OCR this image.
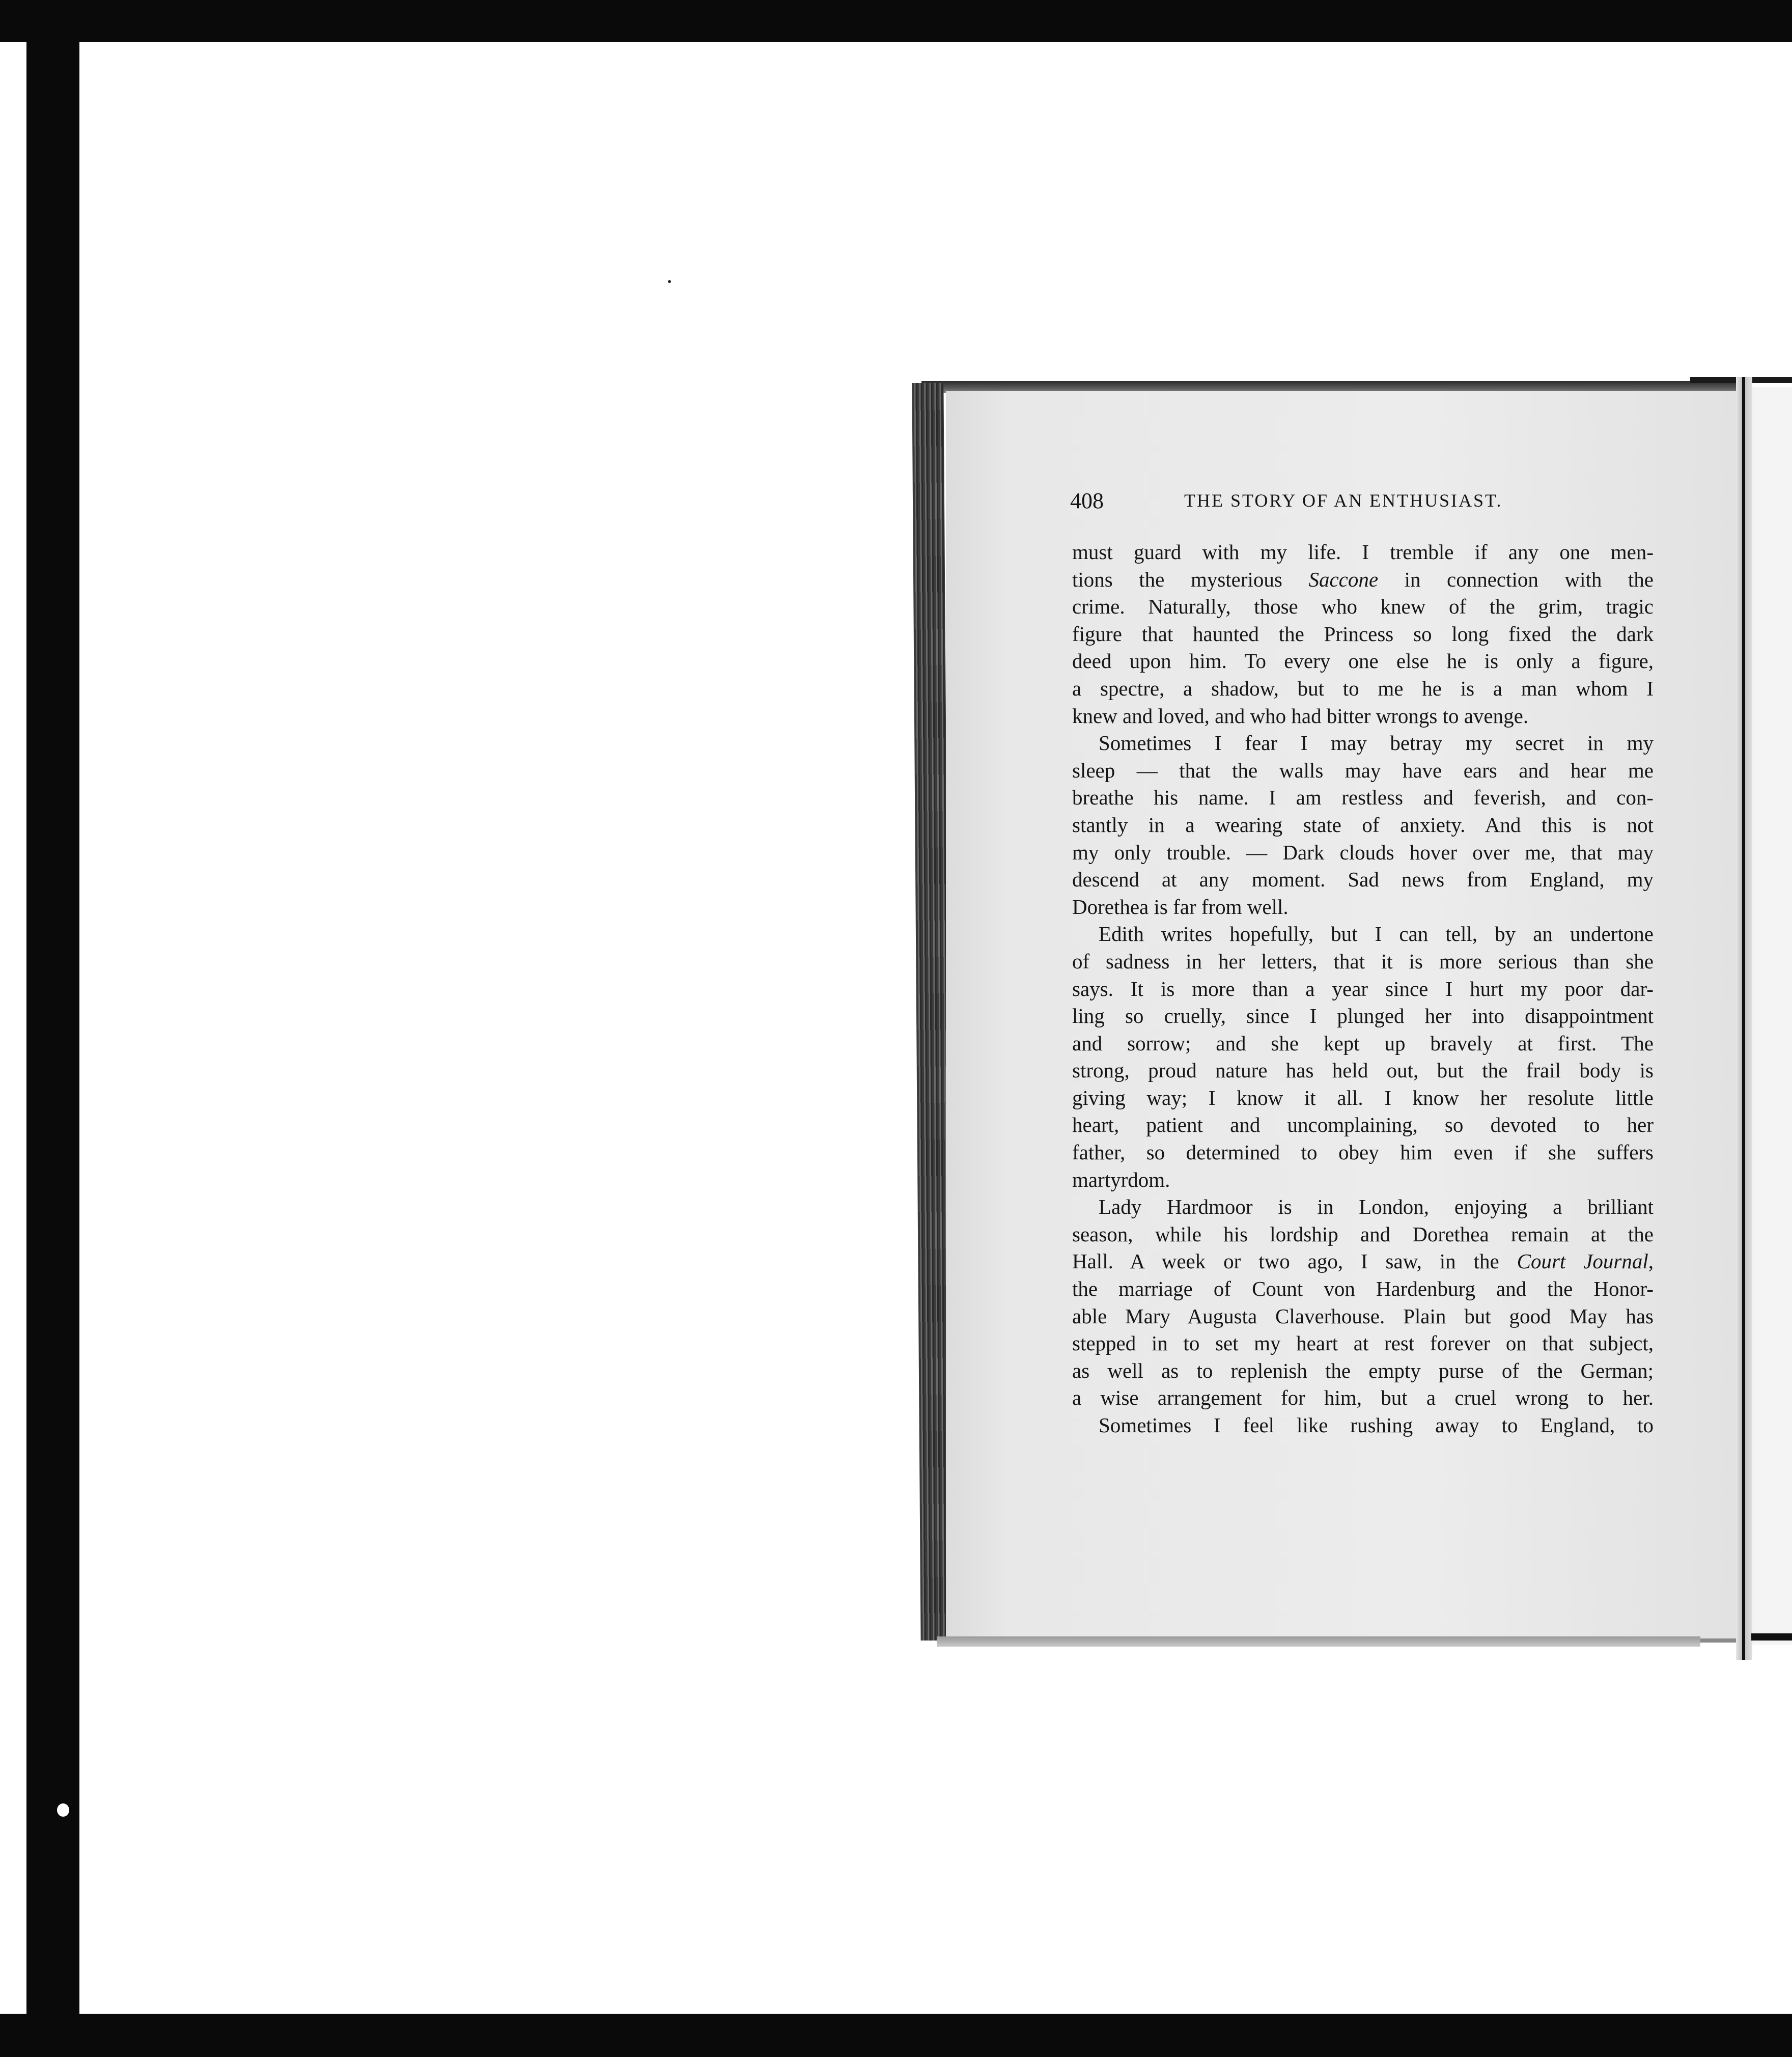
408	THE STORY OF AN ENTHUSIAST.
must guard with my life. I tremble if any one men-
tions the mysterious Saccone in connection with the
crime. Naturally, those who knew of the grim, tragic
figure that haunted the Princess so long fixed the dark
deed upon him. To every one else he is only a figure,
a spectre, a shadow, but to me he is a man whom I
knew and loved, and who had bitter wrongs to avenge.
Sometimes I fear I may betray my secret in my
sleep — that the walls may have ears and hear me
breathe his name. I am restless and feverish, and con-
stantly in a wearing state of anxiety. And this is not
my only trouble. — Dark clouds hover over me, that may
descend at any moment. Sad news from England, my
Dorethea is far from well.
Edith writes hopefully, but I can tell, by an undertone
of sadness in her letters, that it is more serious than she
says. It is more than a year since I hurt my poor dar-
ling so cruelly, since I plunged her into disappointment
and sorrow; and she kept up bravely at first. The
strong, proud nature has held out, but the frail body is
giving way; I know it all. I know her resolute little
heart, patient and uncomplaining, so devoted to her
father, so determined to obey him even if she suffers
martyrdom.
Lady Hardmoor is in London, enjoying a brilliant
season, while his lordship and Dorethea remain at the
Hall. A week or two ago, I saw, in the Court Journal,
the marriage of Count von Hardenburg and the Honor-
able Mary Augusta Claverhouse. Plain but good May has
stepped in to set my heart at rest forever on that subject,
as well as to replenish the empty purse of the German;
a wise arrangement for him, but a cruel wrong to her.
Sometimes I feel like rushing away to England, to
